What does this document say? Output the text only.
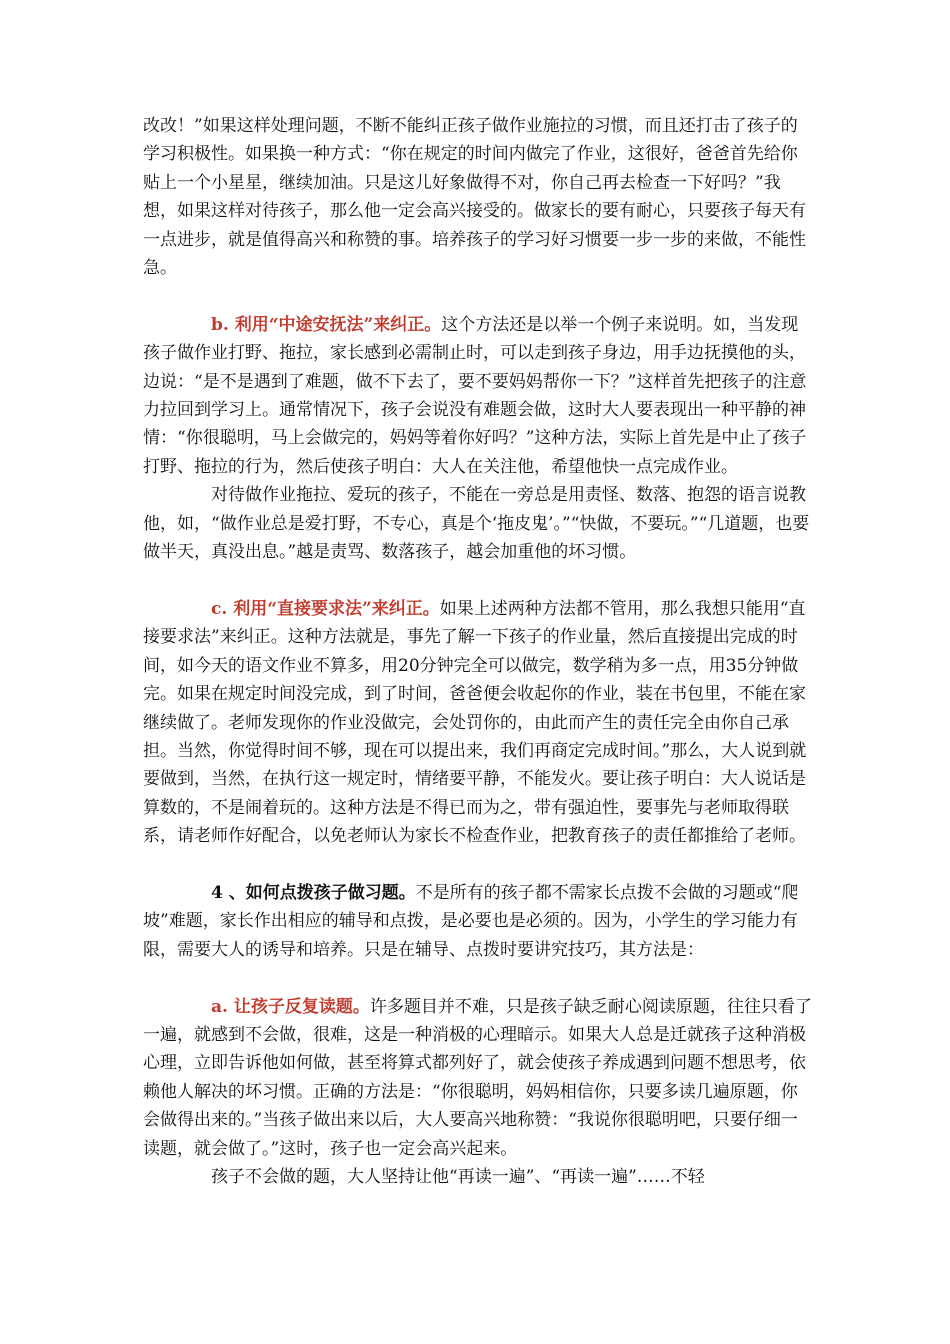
改改！”如果这样处理问题，不断不能纠正孩子做作业施拉的习惯，而且还打击了孩子的学习积极性。如果换一种方式：“你在规定的时间内做完了作业，这很好，爸爸首先给你贴上一个小星星，继续加油。只是这儿好象做得不对，你自己再去检查一下好吗？”我想，如果这样对待孩子，那么他一定会高兴接受的。做家长的要有耐心，只要孩子每天有一点进步，就是值得高兴和称赞的事。培养孩子的学习好习惯要一步一步的来做，不能性急。

b. 利用“中途安抚法”来纠正。这个方法还是以举一个例子来说明。如，当发现孩子做作业打野、拖拉，家长感到必需制止时，可以走到孩子身边，用手边抚摸他的头，边说：“是不是遇到了难题，做不下去了，要不要妈妈帮你一下？”这样首先把孩子的注意力拉回到学习上。通常情况下，孩子会说没有难题会做，这时大人要表现出一种平静的神情：“你很聪明，马上会做完的，妈妈等着你好吗？”这种方法，实际上首先是中止了孩子打野、拖拉的行为，然后使孩子明白：大人在关注他，希望他快一点完成作业。

对待做作业拖拉、爱玩的孩子，不能在一旁总是用责怪、数落、抱怨的语言说教他，如，“做作业总是爱打野，不专心，真是个‘拖皮鬼’。”“快做，不要玩。”“几道题，也要做半天，真没出息。”越是责骂、数落孩子，越会加重他的坏习惯。

c. 利用“直接要求法”来纠正。如果上述两种方法都不管用，那么我想只能用“直接要求法”来纠正。这种方法就是，事先了解一下孩子的作业量，然后直接提出完成的时间，如今天的语文作业不算多，用20分钟完全可以做完，数学稍为多一点，用35分钟做完。如果在规定时间没完成，到了时间，爸爸便会收起你的作业，装在书包里，不能在家继续做了。老师发现你的作业没做完，会处罚你的，由此而产生的责任完全由你自己承担。当然，你觉得时间不够，现在可以提出来，我们再商定完成时间。”那么，大人说到就要做到，当然，在执行这一规定时，情绪要平静，不能发火。要让孩子明白：大人说话是算数的，不是闹着玩的。这种方法是不得已而为之，带有强迫性，要事先与老师取得联系，请老师作好配合，以免老师认为家长不检查作业，把教育孩子的责任都推给了老师。

4 、如何点拨孩子做习题。不是所有的孩子都不需家长点拨不会做的习题或“爬坡”难题，家长作出相应的辅导和点拨，是必要也是必须的。因为，小学生的学习能力有限，需要大人的诱导和培养。只是在辅导、点拨时要讲究技巧，其方法是：

a. 让孩子反复读题。许多题目并不难，只是孩子缺乏耐心阅读原题，往往只看了一遍，就感到不会做，很难，这是一种消极的心理暗示。如果大人总是迁就孩子这种消极心理，立即告诉他如何做，甚至将算式都列好了，就会使孩子养成遇到问题不想思考，依赖他人解决的坏习惯。正确的方法是：“你很聪明，妈妈相信你，只要多读几遍原题，你会做得出来的。”当孩子做出来以后，大人要高兴地称赞：“我说你很聪明吧，只要仔细一读题，就会做了。”这时，孩子也一定会高兴起来。

孩子不会做的题，大人坚持让他“再读一遍”、“再读一遍”……不轻
